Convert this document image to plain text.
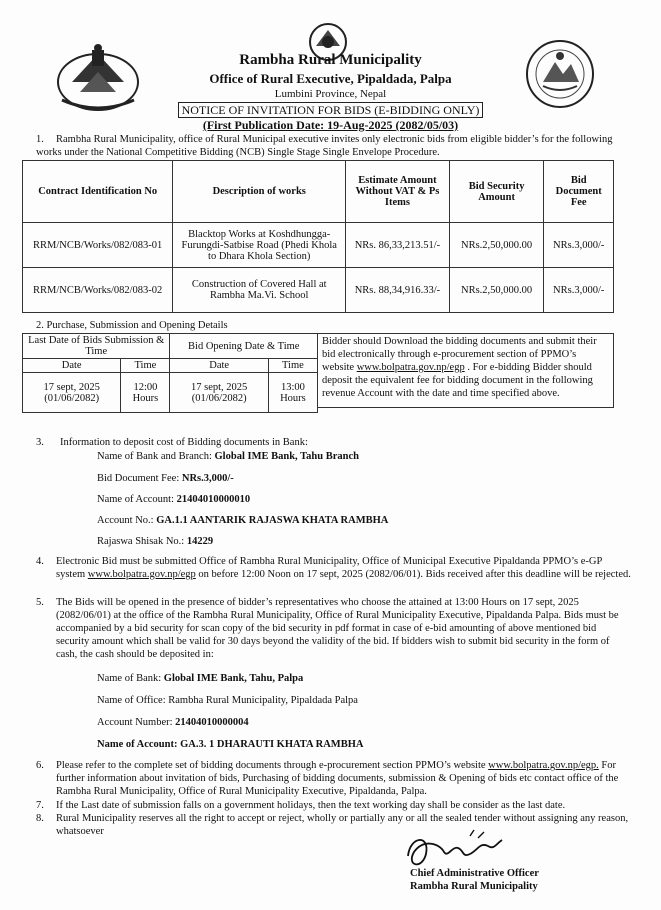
Rambha Rural Municipality
Office of Rural Executive, Pipaldada, Palpa
Lumbini Province, Nepal
NOTICE OF INVITATION FOR BIDS (E-BIDDING ONLY)
(First Publication Date: 19-Aug-2025 (2082/05/03)
1. Rambha Rural Municipality, office of Rural Municipal executive invites only electronic bids from eligible bidder’s for the following works under the National Competitive Bidding (NCB) Single Stage Single Envelope Procedure.
Contract Identification No	Description of works	Estimate Amount Without VAT & Ps Items	Bid Security Amount	Bid Document Fee
RRM/NCB/Works/082/083-01	Blacktop Works at Koshdhungga-Furungdi-Satbise Road (Phedi Khola to Dhara Khola Section)	NRs. 86,33,213.51/-	NRs.2,50,000.00	NRs.3,000/-
RRM/NCB/Works/082/083-02	Construction of Covered Hall at Rambha Ma.Vi. School	NRs. 88,34,916.33/-	NRs.2,50,000.00	NRs.3,000/-
2. Purchase, Submission and Opening Details
Last Date of Bids Submission & Time		Bid Opening Date & Time	
Date	Time	Date	Time
17 sept, 2025 (01/06/2082)	12:00 Hours	17 sept, 2025 (01/06/2082)	13:00 Hours
Bidder should Download the bidding documents and submit their bid electronically through e-procurement section of PPMO’s website www.bolpatra.gov.np/egp . For e-bidding Bidder should deposit the equivalent fee for bidding document in the following revenue Account with the date and time specified above.
3. Information to deposit cost of Bidding documents in Bank:
Name of Bank and Branch: Global IME Bank, Tahu Branch
Bid Document Fee: NRs.3,000/-
Name of Account: 21404010000010
Account No.: GA.1.1 AANTARIK RAJASWA KHATA RAMBHA
Rajaswa Shisak No.: 14229
4. Electronic Bid must be submitted Office of Rambha Rural Municipality, Office of Municipal Executive Pipaldanda PPMO’s e-GP system www.bolpatra.gov.np/egp on before 12:00 Noon on 17 sept, 2025 (2082/06/01). Bids received after this deadline will be rejected.
5. The Bids will be opened in the presence of bidder’s representatives who choose the attained at 13:00 Hours on 17 sept, 2025 (2082/06/01) at the office of the Rambha Rural Municipality, Office of Rural Municipality Executive, Pipaldanda Palpa. Bids must be accompanied by a bid security for scan copy of the bid security in pdf format in case of e-bid amounting of above mentioned bid security amount which shall be valid for 30 days beyond the validity of the bid. If bidders wish to submit bid security in the form of cash, the cash should be deposited in:
Name of Bank: Global IME Bank, Tahu, Palpa
Name of Office: Rambha Rural Municipality, Pipaldada Palpa
Account Number: 21404010000004
Name of Account: GA.3. 1 DHARAUTI KHATA RAMBHA
6. Please refer to the complete set of bidding documents through e-procurement section PPMO’s website www.bolpatra.gov.np/egp. For further information about invitation of bids, Purchasing of bidding documents, submission & Opening of bids etc contact office of the Rambha Rural Municipality, Office of Rural Municipality Executive, Pipaldanda, Palpa.
7. If the Last date of submission falls on a government holidays, then the text working day shall be consider as the last date.
8. Rural Municipality reserves all the right to accept or reject, wholly or partially any or all the sealed tender without assigning any reason, whatsoever
Chief Administrative Officer
Rambha Rural Municipality
